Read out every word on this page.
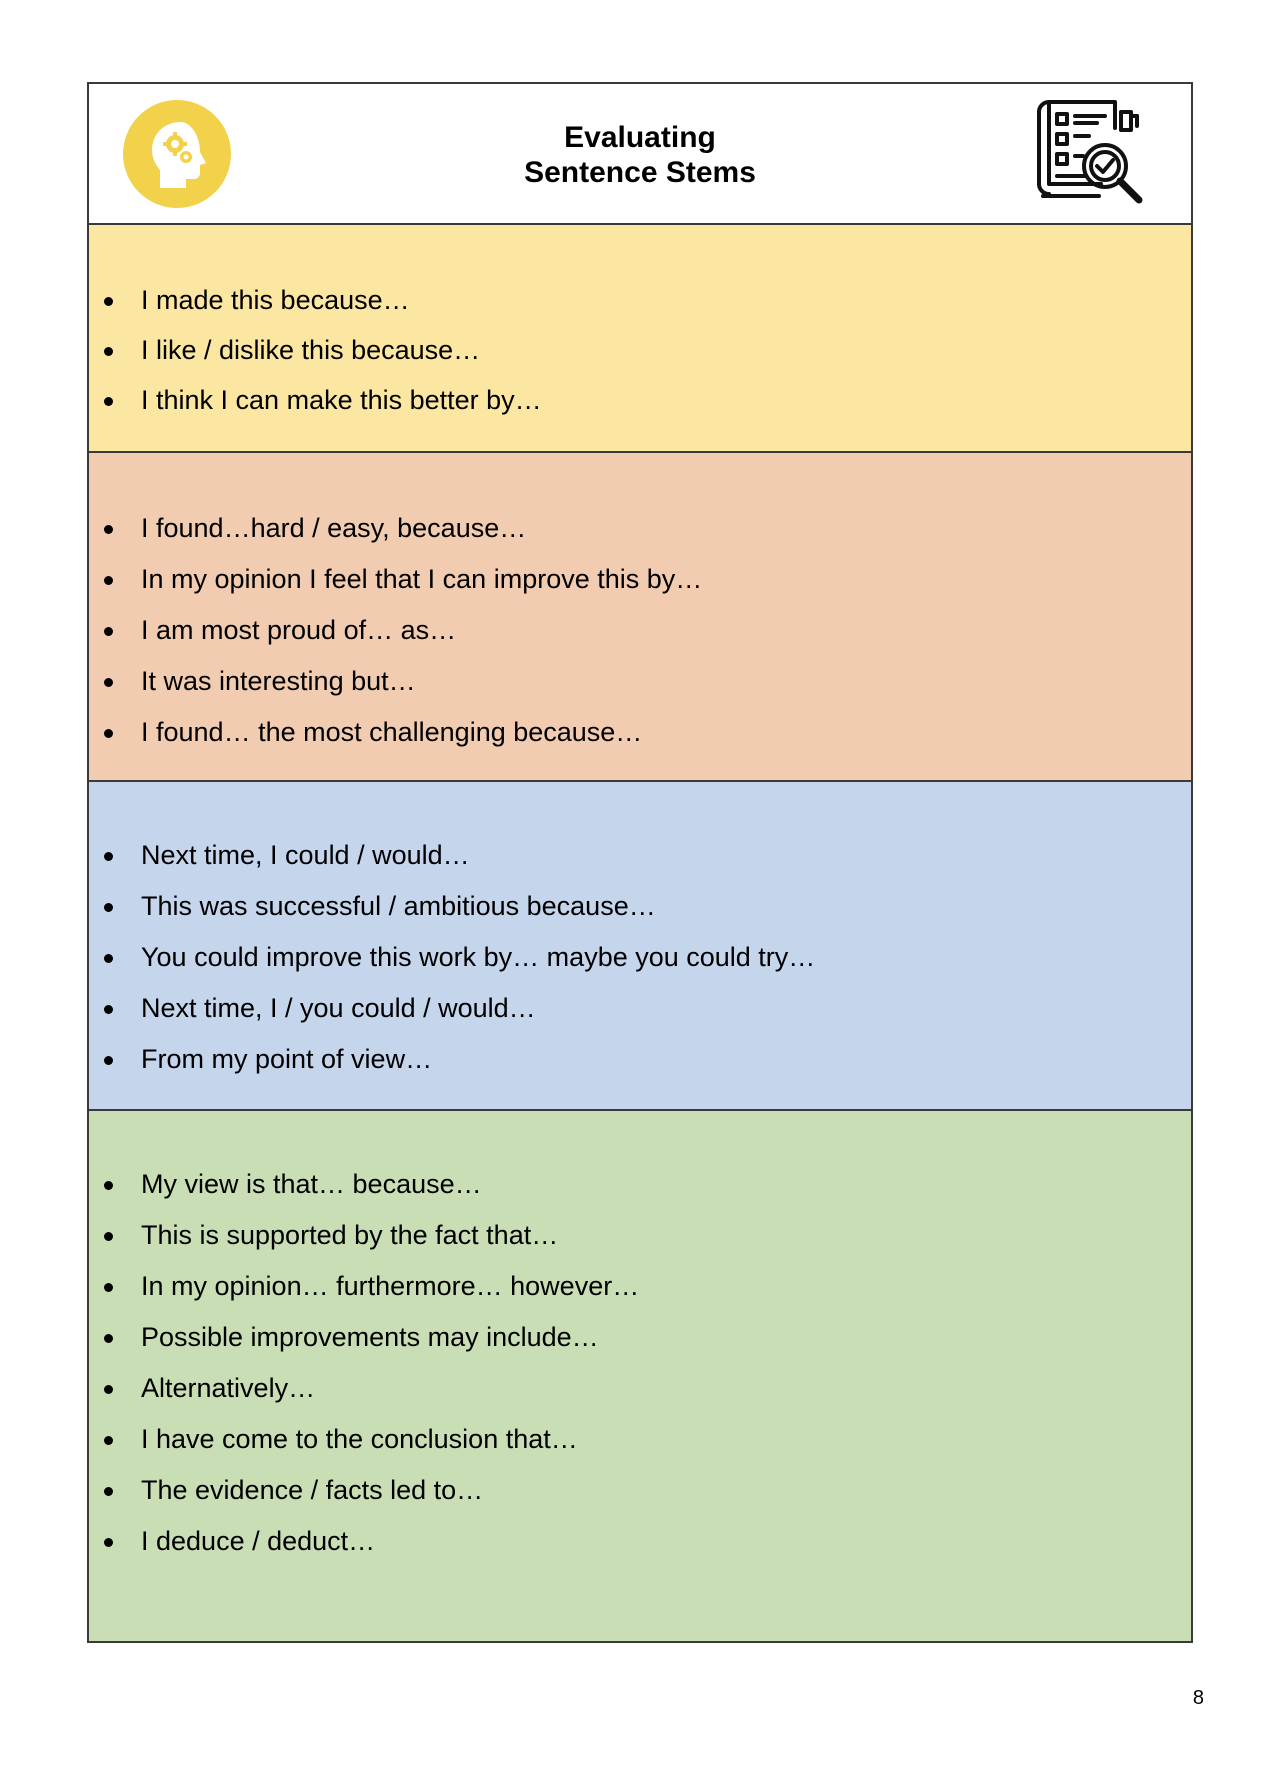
Evaluating
Sentence Stems
I made this because…
I like / dislike this because…
I think I can make this better by…
I found…hard / easy, because…
In my opinion I feel that I can improve this by…
I am most proud of… as…
It was interesting but…
I found… the most challenging because…
Next time, I could / would…
This was successful / ambitious because…
You could improve this work by… maybe you could try…
Next time, I / you could / would…
From my point of view…
My view is that… because…
This is supported by the fact that…
In my opinion… furthermore… however…
Possible improvements may include…
Alternatively…
I have come to the conclusion that…
The evidence / facts led to…
I deduce / deduct…
8
